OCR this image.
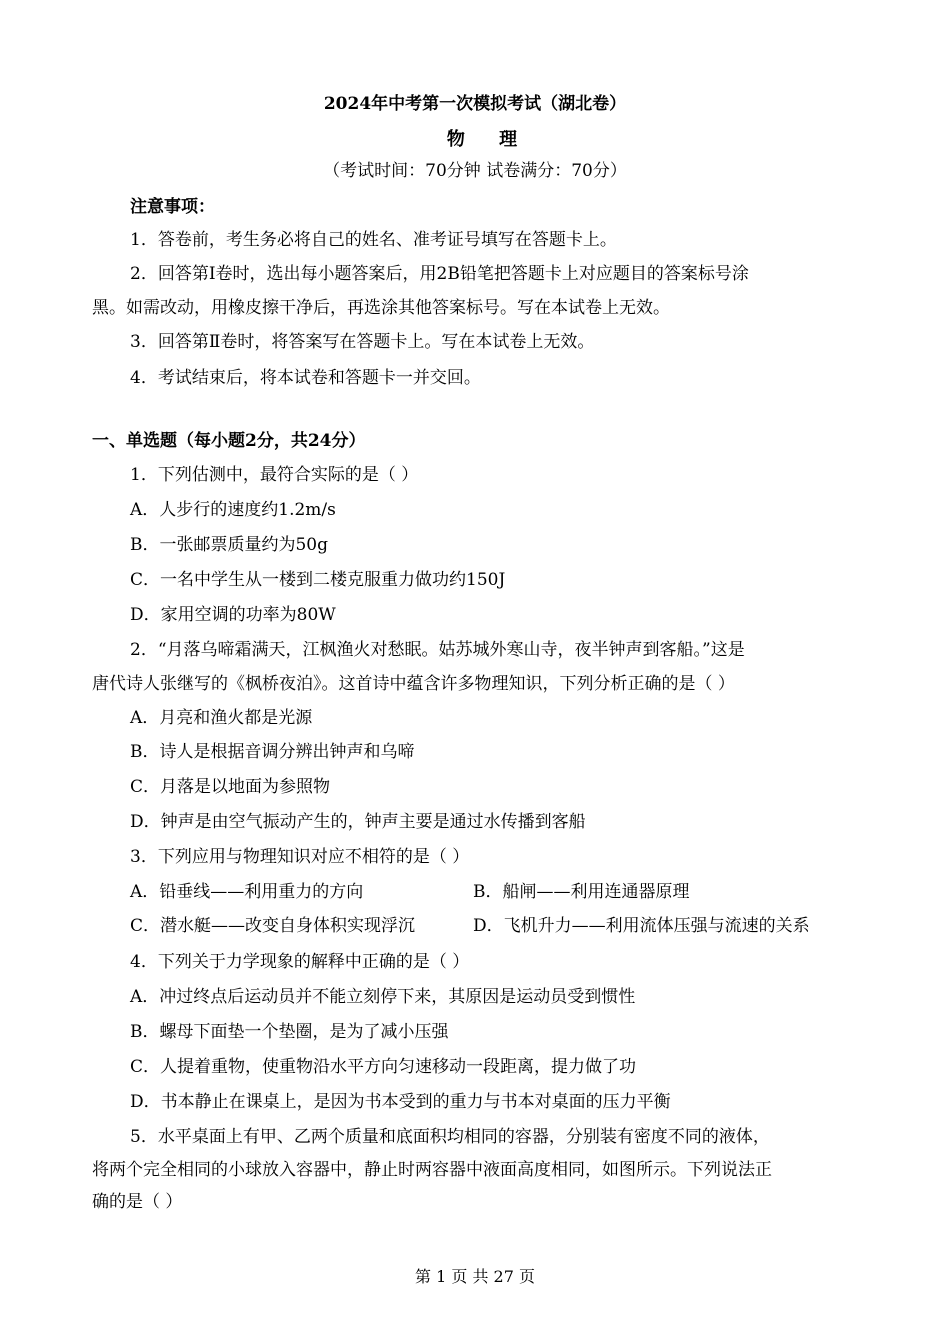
2024年中考第一次模拟考试（湖北卷）
物 理
（考试时间：70分钟 试卷满分：70分）
注意事项：
1．答卷前，考生务必将自己的姓名、准考证号填写在答题卡上。
2．回答第Ⅰ卷时，选出每小题答案后，用2B铅笔把答题卡上对应题目的答案标号涂
黑。如需改动，用橡皮擦干净后，再选涂其他答案标号。写在本试卷上无效。
3．回答第Ⅱ卷时，将答案写在答题卡上。写在本试卷上无效。
4．考试结束后，将本试卷和答题卡一并交回。
一、单选题（每小题2分，共24分）
1．下列估测中，最符合实际的是（ ）
A．人步行的速度约1.2m/s
B．一张邮票质量约为50g
C．一名中学生从一楼到二楼克服重力做功约150J
D．家用空调的功率为80W
2．“月落乌啼霜满天，江枫渔火对愁眠。姑苏城外寒山寺，夜半钟声到客船。”这是
唐代诗人张继写的《枫桥夜泊》。这首诗中蕴含许多物理知识，下列分析正确的是（ ）
A．月亮和渔火都是光源
B．诗人是根据音调分辨出钟声和乌啼
C．月落是以地面为参照物
D．钟声是由空气振动产生的，钟声主要是通过水传播到客船
3．下列应用与物理知识对应不相符的是（ ）
A．铅垂线——利用重力的方向	B．船闸——利用连通器原理
C．潜水艇——改变自身体积实现浮沉	D．飞机升力——利用流体压强与流速的关系
4．下列关于力学现象的解释中正确的是（ ）
A．冲过终点后运动员并不能立刻停下来，其原因是运动员受到惯性
B．螺母下面垫一个垫圈，是为了减小压强
C．人提着重物，使重物沿水平方向匀速移动一段距离，提力做了功
D．书本静止在课桌上，是因为书本受到的重力与书本对桌面的压力平衡
5．水平桌面上有甲、乙两个质量和底面积均相同的容器，分别装有密度不同的液体，
将两个完全相同的小球放入容器中，静止时两容器中液面高度相同，如图所示。下列说法正
确的是（ ）
第 1 页 共 27 页
